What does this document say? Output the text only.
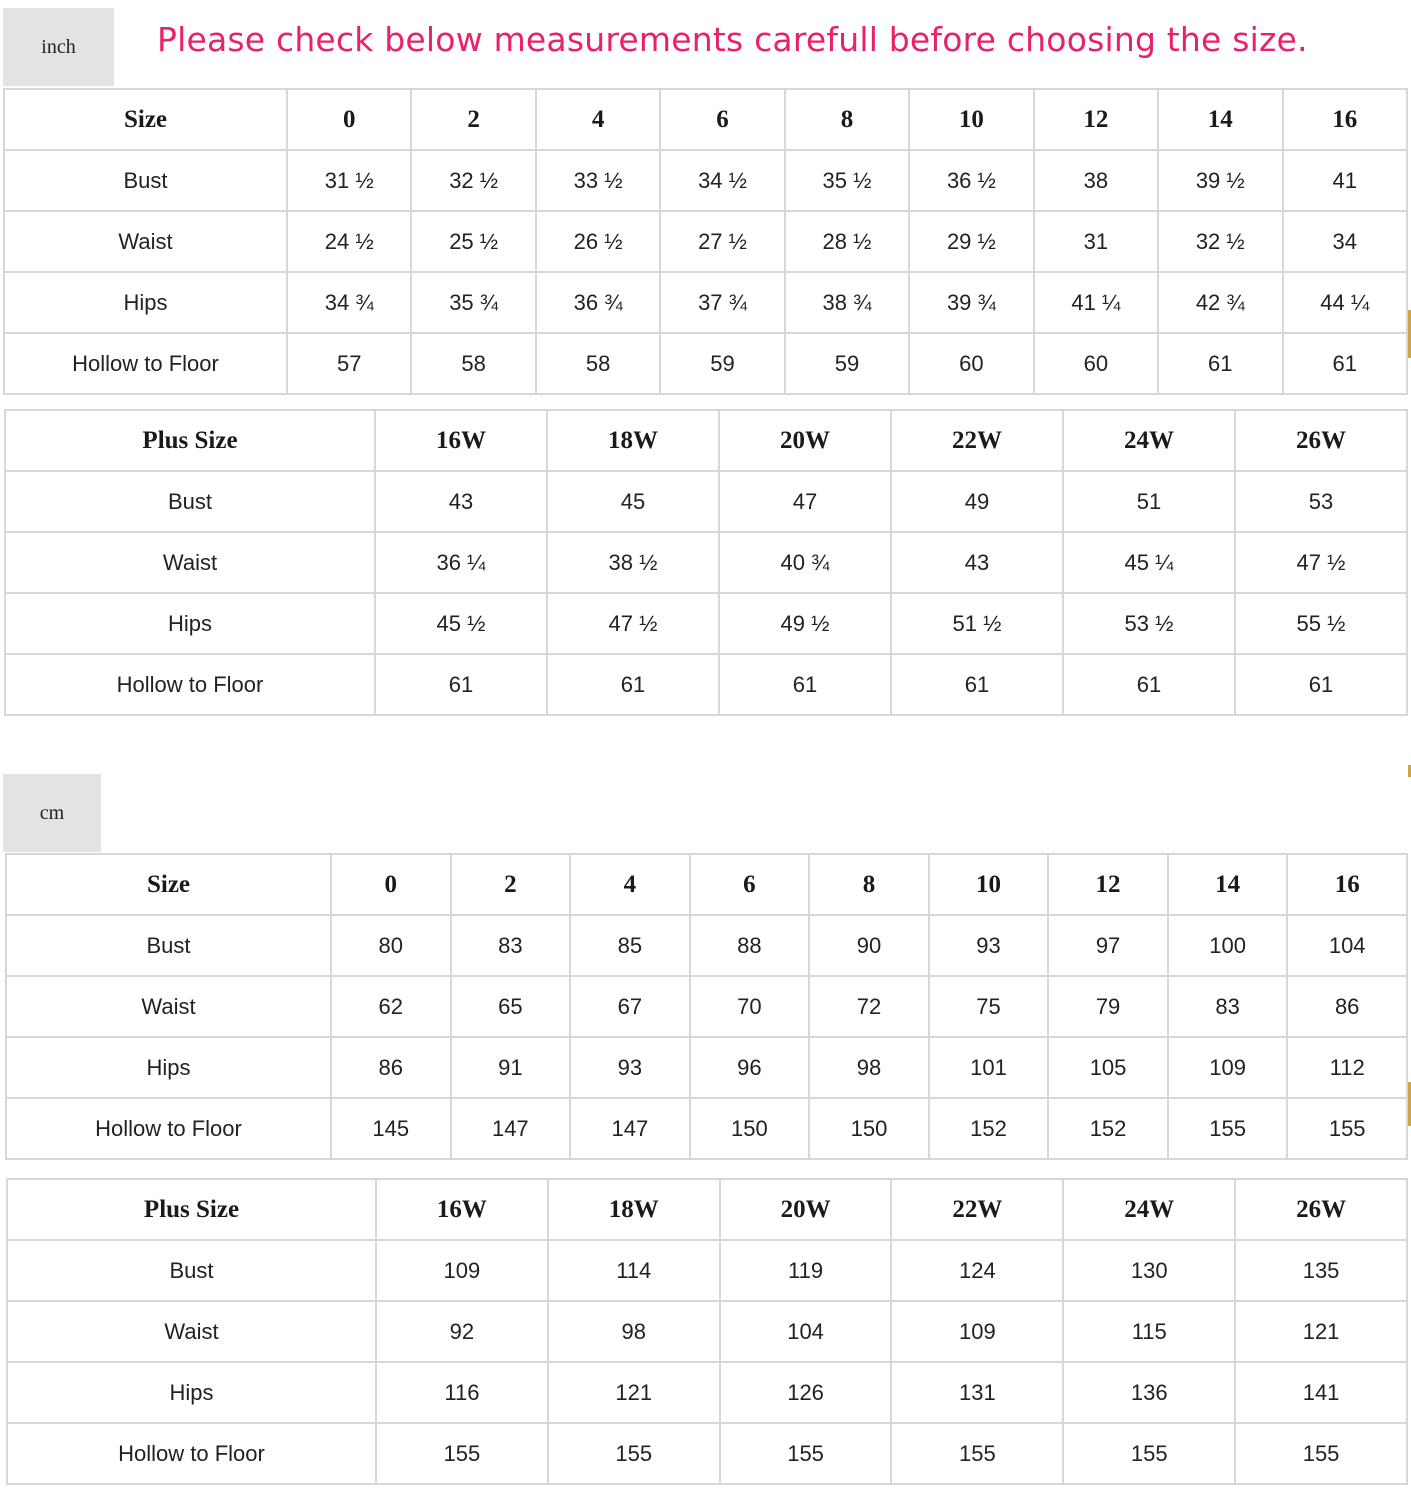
inch	Please check below measurements carefull before choosing the size.
Size	0	2	4	6	8	10	12	14	16
Bust	31 ½	32 ½	33 ½	34 ½	35 ½	36 ½	38	39 ½	41
Waist	24 ½	25 ½	26 ½	27 ½	28 ½	29 ½	31	32 ½	34
Hips	34 ¾	35 ¾	36 ¾	37 ¾	38 ¾	39 ¾	41 ¼	42 ¾	44 ¼
Hollow to Floor	57	58	58	59	59	60	60	61	61
Plus Size	16W	18W	20W	22W	24W	26W
Bust	43	45	47	49	51	53
Waist	36 ¼	38 ½	40 ¾	43	45 ¼	47 ½
Hips	45 ½	47 ½	49 ½	51 ½	53 ½	55 ½
Hollow to Floor	61	61	61	61	61	61
cm
Size	0	2	4	6	8	10	12	14	16
Bust	80	83	85	88	90	93	97	100	104
Waist	62	65	67	70	72	75	79	83	86
Hips	86	91	93	96	98	101	105	109	112
Hollow to Floor	145	147	147	150	150	152	152	155	155
Plus Size	16W	18W	20W	22W	24W	26W
Bust	109	114	119	124	130	135
Waist	92	98	104	109	115	121
Hips	116	121	126	131	136	141
Hollow to Floor	155	155	155	155	155	155
